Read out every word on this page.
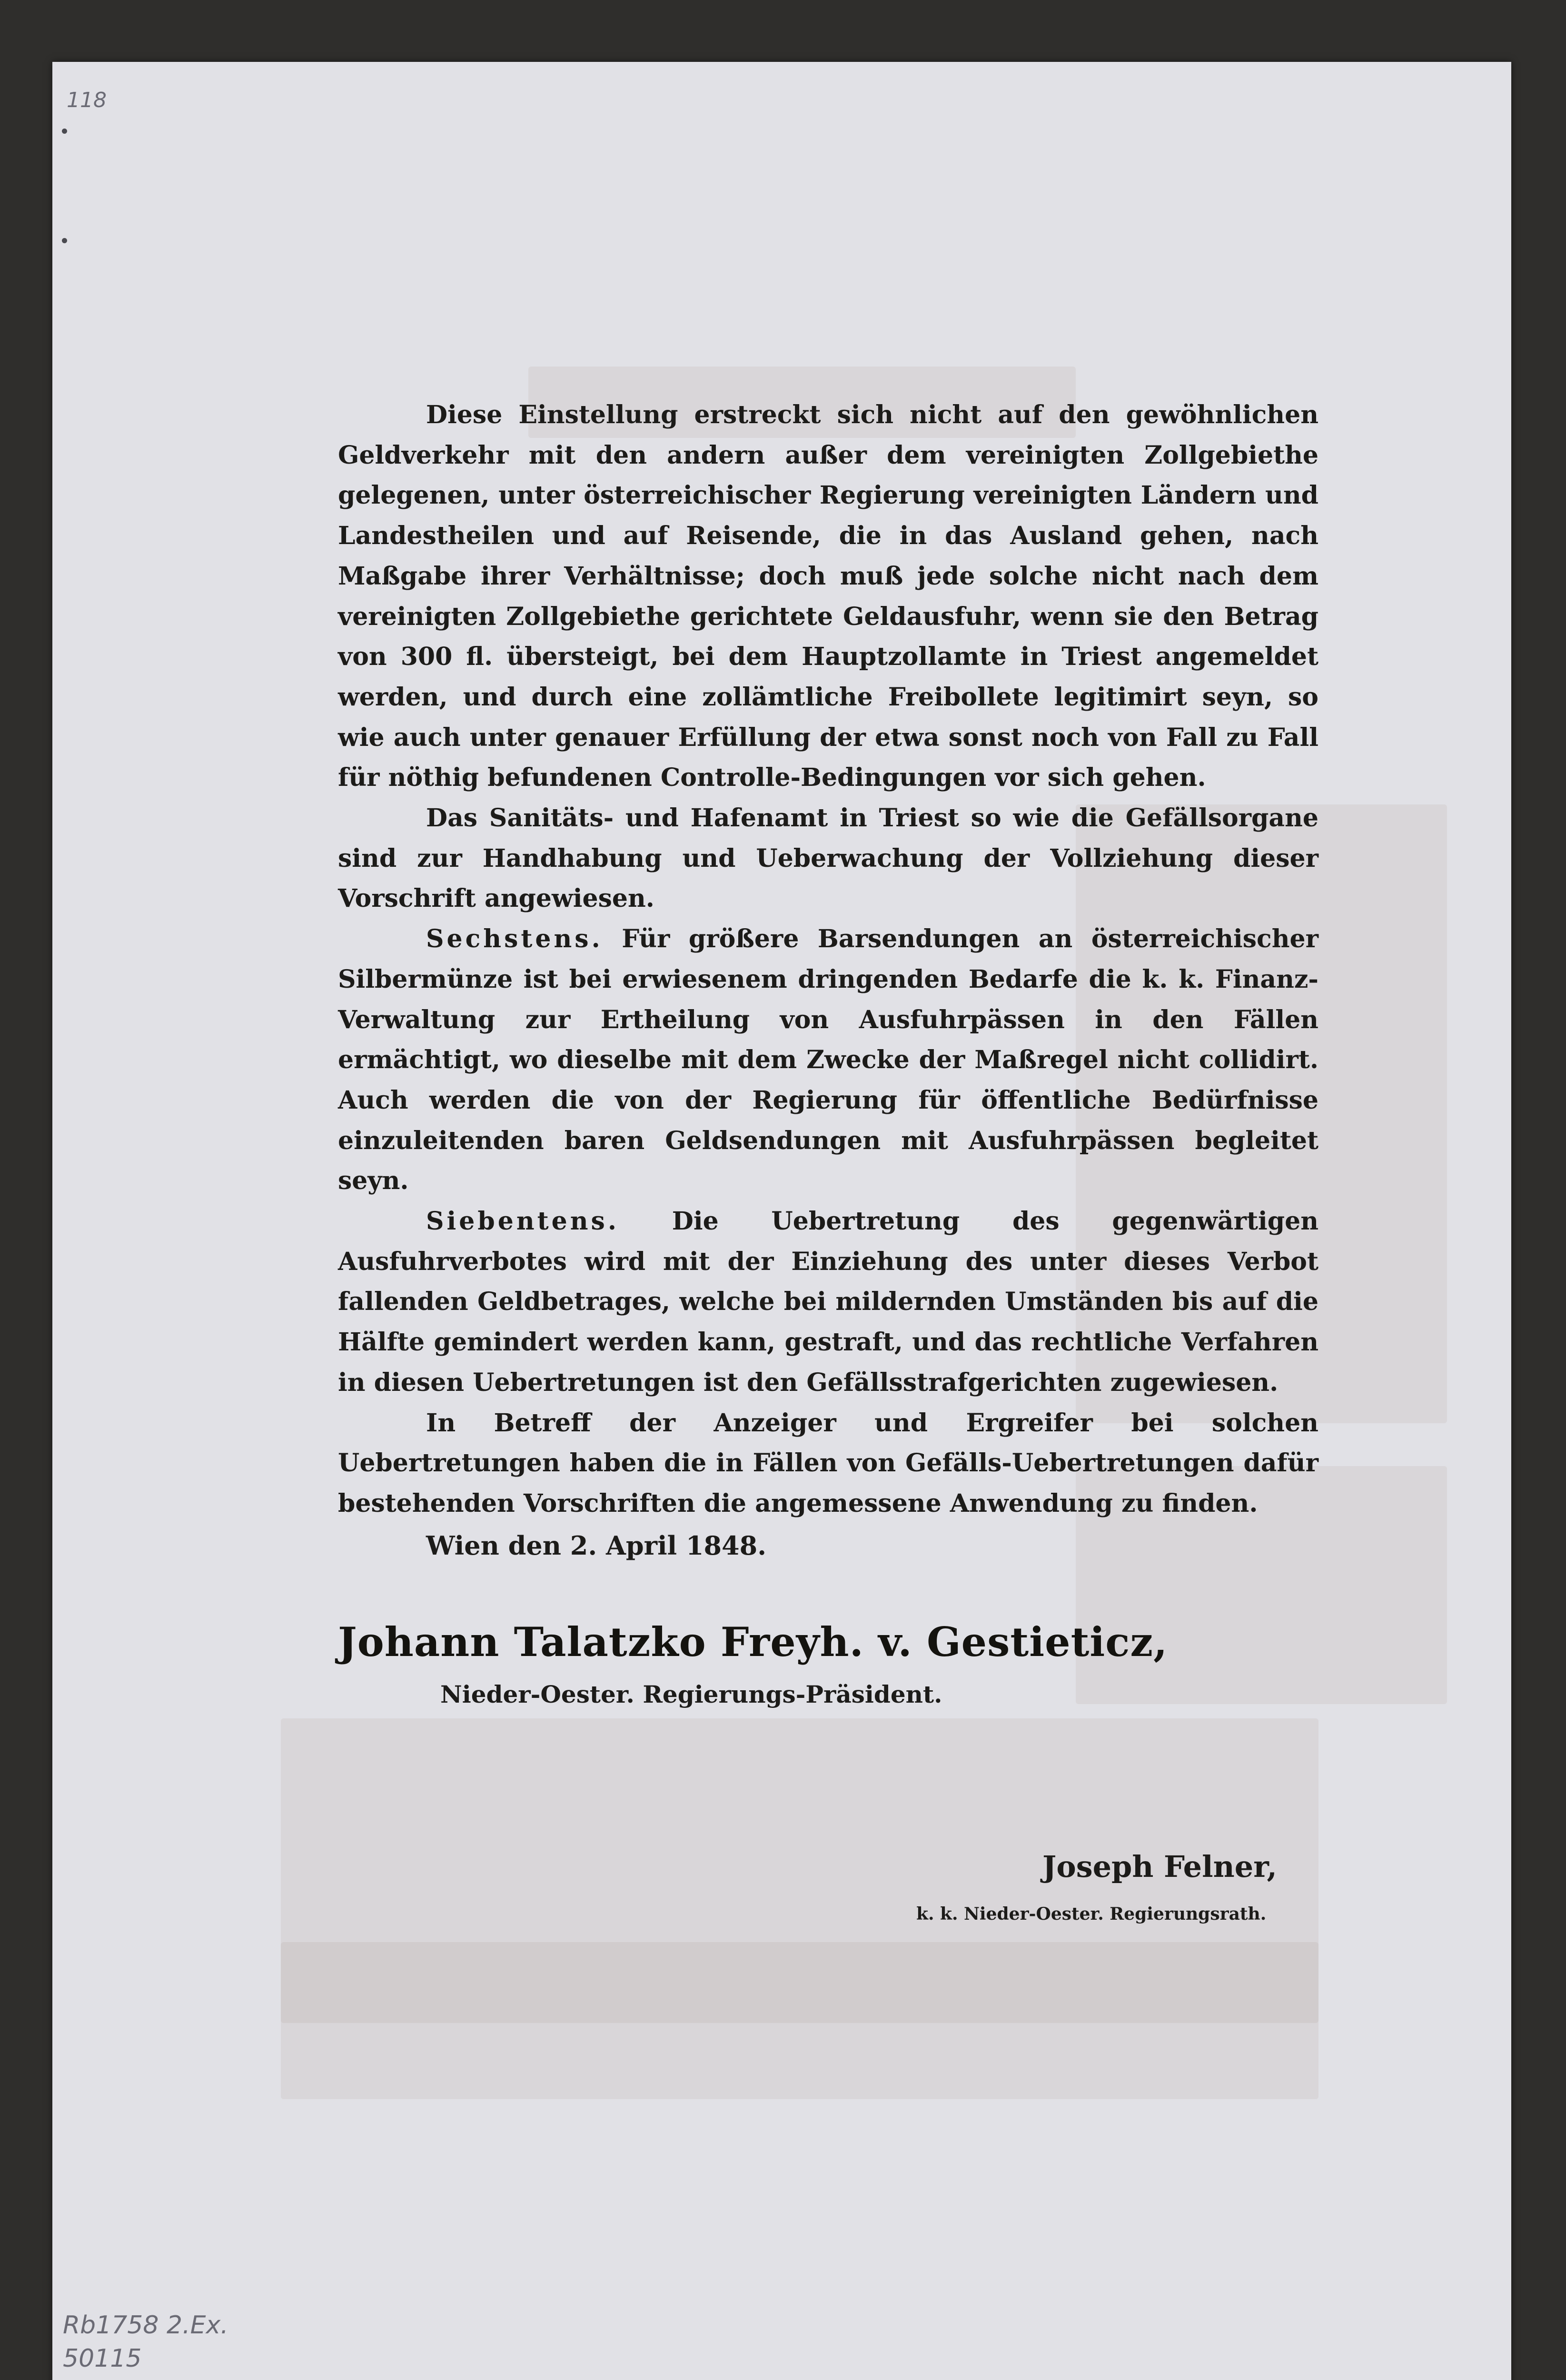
118

Diese Einstellung erstreckt sich nicht auf den gewöhnlichen Geldverkehr mit den andern außer dem vereinigten Zollgebiethe gelegenen, unter österreichischer Regierung vereinigten Ländern und Landestheilen und auf Reisende, die in das Ausland gehen, nach Maßgabe ihrer Verhältnisse; doch muß jede solche nicht nach dem vereinigten Zollgebiethe gerichtete Geldausfuhr, wenn sie den Betrag von 300 fl. übersteigt, bei dem Hauptzollamte in Triest angemeldet werden, und durch eine zollämtliche Freibollete legitimirt seyn, so wie auch unter genauer Erfüllung der etwa sonst noch von Fall zu Fall für nöthig befundenen Controlle-Bedingungen vor sich gehen.

Das Sanitäts- und Hafenamt in Triest so wie die Gefällsorgane sind zur Handhabung und Ueberwachung der Vollziehung dieser Vorschrift angewiesen.

Sechstens. Für größere Barsendungen an österreichischer Silbermünze ist bei erwiesenem dringenden Bedarfe die k. k. Finanz-Verwaltung zur Ertheilung von Ausfuhrpässen in den Fällen ermächtigt, wo dieselbe mit dem Zwecke der Maßregel nicht collidirt. Auch werden die von der Regierung für öffentliche Bedürfnisse einzuleitenden baren Geldsendungen mit Ausfuhrpässen begleitet seyn.

Siebentens. Die Uebertretung des gegenwärtigen Ausfuhrverbotes wird mit der Einziehung des unter dieses Verbot fallenden Geldbetrages, welche bei mildernden Umständen bis auf die Hälfte gemindert werden kann, gestraft, und das rechtliche Verfahren in diesen Uebertretungen ist den Gefällsstrafgerichten zugewiesen.

In Betreff der Anzeiger und Ergreifer bei solchen Uebertretungen haben die in Fällen von Gefälls-Uebertretungen dafür bestehenden Vorschriften die angemessene Anwendung zu finden.

Wien den 2. April 1848.
Johann Talatzko Freyh. v. Gestieticz,
Nieder-Oester. Regierungs-Präsident.
Joseph Felner,
k. k. Nieder-Oester. Regierungsrath.
Rb1758 2.Ex.
50115
